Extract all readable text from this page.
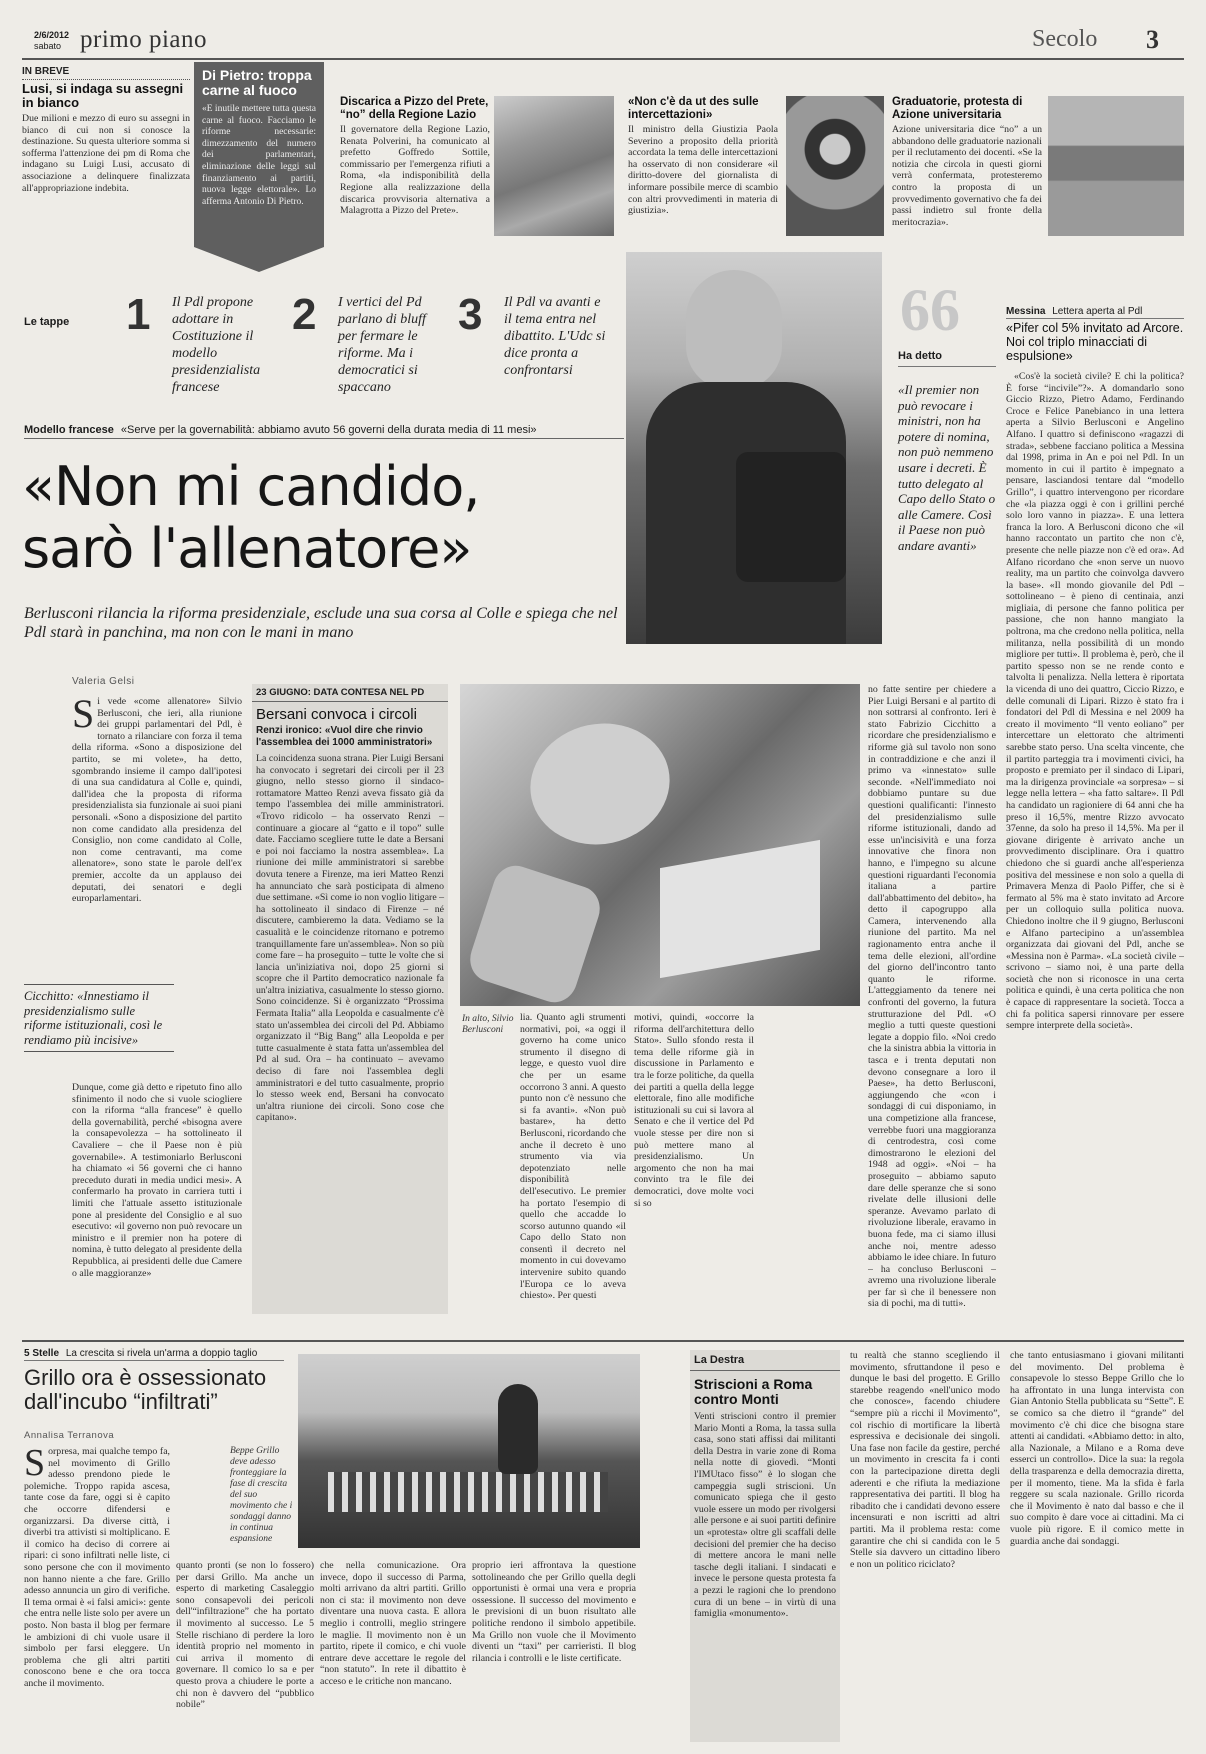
2/6/2012
sabato primo piano	Secolo 3
IN BREVE
Lusi, si indaga su assegni in bianco
Due milioni e mezzo di euro su assegni in bianco di cui non si conosce la destinazione. Su questa ulteriore somma si sofferma l'attenzione dei pm di Roma che indagano su Luigi Lusi, accusato di associazione a delinquere finalizzata all'appropriazione indebita.
Di Pietro: troppa carne al fuoco
«È inutile mettere tutta questa carne al fuoco. Facciamo le riforme necessarie: dimezzamento del numero dei parlamentari, eliminazione delle leggi sul finanziamento ai partiti, nuova legge elettorale». Lo afferma Antonio Di Pietro.
Discarica a Pizzo del Prete, “no” della Regione Lazio
Il governatore della Regione Lazio, Renata Polverini, ha comunicato al prefetto Goffredo Sottile, commissario per l'emergenza rifiuti a Roma, «la indisponibilità della Regione alla realizzazione della discarica provvisoria alternativa a Malagrotta a Pizzo del Prete».
«Non c'è da ut des sulle intercettazioni»
Il ministro della Giustizia Paola Severino a proposito della priorità accordata la tema delle intercettazioni ha osservato di non considerare «il diritto-dovere del giornalista di informare possibile merce di scambio con altri provvedimenti in materia di giustizia».
Graduatorie, protesta di Azione universitaria
Azione universitaria dice “no” a un abbandono delle graduatorie nazionali per il reclutamento dei docenti. «Se la notizia che circola in questi giorni verrà confermata, protesteremo contro la proposta di un provvedimento governativo che fa dei passi indietro sul fronte della meritocrazia».
Le tappe 1 Il Pdl propone adottare in Costituzione il modello presidenzialista francese
2 I vertici del Pd parlano di bluff per fermare le riforme. Ma i democratici si spaccano
3 Il Pdl va avanti e il tema entra nel dibattito. L'Udc si dice pronta a confrontarsi
66
Ha detto
«Il premier non può revocare i ministri, non ha potere di nomina, non può nemmeno usare i decreti. È tutto delegato al Capo dello Stato o alle Camere. Così il Paese non può andare avanti»
Messina Lettera aperta al Pdl
«Pifer col 5% invitato ad Arcore. Noi col triplo minacciati di espulsione»
«Cos'è la società civile? E chi la politica? È forse “incivile”?». A domandarlo sono Giccio Rizzo, Pietro Adamo, Ferdinando Croce e Felice Panebianco in una lettera aperta a Silvio Berlusconi e Angelino Alfano. I quattro si definiscono «ragazzi di strada», sebbene facciano politica a Messina dal 1998, prima in An e poi nel Pdl. In un momento in cui il partito è impegnato a pensare, lasciandosi tentare dal “modello Grillo”, i quattro intervengono per ricordare che «la piazza oggi è con i grillini perché solo loro vanno in piazza». E una lettera franca la loro. A Berlusconi dicono che «il hanno raccontato un partito che non c'è, presente che nelle piazze non c'è ed ora». Ad Alfano ricordano che «non serve un nuovo reality, ma un partito che coinvolga davvero la base». «Il mondo giovanile del Pdl – sottolineano – è pieno di centinaia, anzi migliaia, di persone che fanno politica per passione, che non hanno mangiato la poltrona, ma che credono nella politica, nella militanza, nella possibilità di un mondo migliore per tutti». Il problema è, però, che il partito spesso non se ne rende conto e talvolta li penalizza. Nella lettera è riportata la vicenda di uno dei quattro, Ciccio Rizzo, e delle comunali di Lipari. Rizzo è stato fra i fondatori del Pdl di Messina e nel 2009 ha creato il movimento “Il vento eoliano” per intercettare un elettorato che altrimenti sarebbe stato perso. Una scelta vincente, che il partito parteggia tra i movimenti civici, ha proposto e premiato per il sindaco di Lipari, ma la dirigenza provinciale «a sorpresa» – si legge nella lettera – «ha fatto saltare». Il Pdl ha candidato un ragioniere di 64 anni che ha preso il 16,5%, mentre Rizzo avvocato 37enne, da solo ha preso il 14,5%. Ma per il giovane dirigente è arrivato anche un provvedimento disciplinare. Ora i quattro chiedono che si guardi anche all'esperienza positiva del messinese e non solo a quella di Primavera Menza di Paolo Piffer, che si è fermato al 5% ma è stato invitato ad Arcore per un colloquio sulla politica nuova. Chiedono inoltre che il 9 giugno, Berlusconi e Alfano partecipino a un'assemblea organizzata dai giovani del Pdl, anche se «Messina non è Parma». «La società civile – scrivono – siamo noi, è una parte della società che non si riconosce in una certa politica e quindi, è una certa politica che non è capace di rappresentare la società. Tocca a chi fa politica sapersi rinnovare per essere sempre interprete della società».
Modello francese «Serve per la governabilità: abbiamo avuto 56 governi della durata media di 11 mesi»
«Non mi candido,
sarò l'allenatore»
Berlusconi rilancia la riforma presidenziale, esclude una sua corsa al Colle e spiega che nel Pdl starà in panchina, ma non con le mani in mano
Valeria Gelsi
S i vede «come allenatore» Silvio Berlusconi, che ieri, alla riunione dei gruppi parlamentari del Pdl, è tornato a rilanciare con forza il tema della riforma. «Sono a disposizione del partito, se mi volete», ha detto, sgombrando insieme il campo dall'ipotesi di una sua candidatura al Colle e, quindi, dall'idea che la proposta di riforma presidenzialista sia funzionale ai suoi piani personali. «Sono a disposizione del partito non come candidato alla presidenza del Consiglio, non come candidato al Colle, non come centravanti, ma come allenatore», sono state le parole dell'ex premier, accolte da un applauso dei deputati, dei senatori e degli europarlamentari.
Cicchitto: «Innestiamo il presidenzialismo sulle riforme istituzionali, così le rendiamo più incisive»
Dunque, come già detto e ripetuto fino allo sfinimento il nodo che si vuole sciogliere con la riforma “alla francese” è quello della governabilità, perché «bisogna avere la consapevolezza – ha sottolineato il Cavaliere – che il Paese non è più governabile». A testimoniarlo Berlusconi ha chiamato «i 56 governi che ci hanno preceduto durati in media undici mesi». A confermarlo ha provato in carriera tutti i limiti che l'attuale assetto istituzionale pone al presidente del Consiglio e al suo esecutivo: «il governo non può revocare un ministro e il premier non ha potere di nomina, è tutto delegato al presidente della Repubblica, ai presidenti delle due Camere o alle maggioranze»
23 GIUGNO: DATA CONTESA NEL PD
Bersani convoca i circoli
Renzi ironico: «Vuol dire che rinvio l'assemblea dei 1000 amministratori»
La coincidenza suona strana. Pier Luigi Bersani ha convocato i segretari dei circoli per il 23 giugno, nello stesso giorno il sindaco-rottamatore Matteo Renzi aveva fissato già da tempo l'assemblea dei mille amministratori. «Trovo ridicolo – ha osservato Renzi – continuare a giocare al “gatto e il topo” sulle date. Facciamo scegliere tutte le date a Bersani e poi noi facciamo la nostra assemblea». La riunione dei mille amministratori si sarebbe dovuta tenere a Firenze, ma ieri Matteo Renzi ha annunciato che sarà posticipata di almeno due settimane. «Sì come io non voglio litigare – ha sottolineato il sindaco di Firenze – né discutere, cambieremo la data. Vediamo se la casualità e le coincidenze ritornano e potremo tranquillamente fare un'assemblea». Non so più come fare – ha proseguito – tutte le volte che si lancia un'iniziativa noi, dopo 25 giorni si scopre che il Partito democratico nazionale fa un'altra iniziativa, casualmente lo stesso giorno. Sono coincidenze. Si è organizzato “Prossima Fermata Italia” alla Leopolda e casualmente c'è stato un'assemblea dei circoli del Pd. Abbiamo organizzato il “Big Bang” alla Leopolda e per tutte casualmente è stata fatta un'assemblea del Pd al sud. Ora – ha continuato – avevamo deciso di fare noi l'assemblea degli amministratori e del tutto casualmente, proprio lo stesso week end, Bersani ha convocato un'altra riunione dei circoli. Sono cose che capitano».
In alto, Silvio Berlusconi
lia. Quanto agli strumenti normativi, poi, «a oggi il governo ha come unico strumento il disegno di legge, e questo vuol dire che per un esame occorrono 3 anni. A questo punto non c'è nessuno che si fa avanti». «Non può bastare», ha detto Berlusconi, ricordando che anche il decreto è uno strumento via via depotenziato nelle disponibilità dell'esecutivo. Le premier ha portato l'esempio di quello che accadde lo scorso autunno quando «il Capo dello Stato non consentì il decreto nel momento in cui dovevamo intervenire subito quando l'Europa ce lo aveva chiesto». Per questi
motivi, quindi, «occorre la riforma dell'architettura dello Stato». Sullo sfondo resta il tema delle riforme già in discussione in Parlamento e tra le forze politiche, da quella dei partiti a quella della legge elettorale, fino alle modifiche istituzionali su cui si lavora al Senato e che il vertice del Pd vuole stesse per dire non si può mettere mano al presidenzialismo. Un argomento che non ha mai convinto tra le file dei democratici, dove molte voci si so
no fatte sentire per chiedere a Pier Luigi Bersani e al partito di non sottrarsi al confronto. Ieri è stato Fabrizio Cicchitto a ricordare che presidenzialismo e riforme già sul tavolo non sono in contraddizione e che anzi il primo va «innestato» sulle seconde. «Nell'immediato noi dobbiamo puntare su due questioni qualificanti: l'innesto del presidenzialismo sulle riforme istituzionali, dando ad esse un'incisività e una forza innovative che finora non hanno, e l'impegno su alcune questioni riguardanti l'economia italiana a partire dall'abbattimento del debito», ha detto il capogruppo alla Camera, intervenendo alla riunione del partito. Ma nel ragionamento entra anche il tema delle elezioni, all'ordine del giorno dell'incontro tanto quanto le riforme. L'atteggiamento da tenere nei confronti del governo, la futura strutturazione del Pdl. «O meglio a tutti queste questioni legate a doppio filo. «Noi credo che la sinistra abbia la vittoria in tasca e i trenta deputati non devono consegnare a loro il Paese», ha detto Berlusconi, aggiungendo che «con i sondaggi di cui disponiamo, in una competizione alla francese, verrebbe fuori una maggioranza di centrodestra, così come dimostrarono le elezioni del 1948 ad oggi». «Noi – ha proseguito – abbiamo saputo dare delle speranze che si sono rivelate delle illusioni delle speranze. Avevamo parlato di rivoluzione liberale, eravamo in buona fede, ma ci siamo illusi anche noi, mentre adesso abbiamo le idee chiare. In futuro – ha concluso Berlusconi – avremo una rivoluzione liberale per far sì che il benessere non sia di pochi, ma di tutti».
5 Stelle La crescita si rivela un'arma a doppio taglio
Grillo ora è ossessionato dall'incubo “infiltrati”
Annalisa Terranova
S orpresa, mai qualche tempo fa, nel movimento di Grillo adesso prendono piede le polemiche. Troppo rapida ascesa, tante cose da fare, oggi si è capito che occorre difendersi e organizzarsi. Da diverse città, i diverbi tra attivisti si moltiplicano. E il comico ha deciso di correre ai ripari: ci sono infiltrati nelle liste, ci sono persone che con il movimento non hanno niente a che fare. Grillo adesso annuncia un giro di verifiche. Il tema ormai è «i falsi amici»: gente che entra nelle liste solo per avere un posto. Non basta il blog per fermare le ambizioni di chi vuole usare il simbolo per farsi eleggere. Un problema che gli altri partiti conoscono bene e che ora tocca anche il movimento.
Beppe Grillo deve adesso fronteggiare la fase di crescita del suo movimento che i sondaggi danno in continua espansione
quanto pronti (se non lo fossero) per darsi Grillo. Ma anche un esperto di marketing Casaleggio sono consapevoli dei pericoli dell'“infiltrazione” che ha portato il movimento al successo. Le 5 Stelle rischiano di perdere la loro identità proprio nel momento in cui arriva il momento di governare. Il comico lo sa e per questo prova a chiudere le porte a chi non è davvero del “pubblico nobile”
che nella comunicazione. Ora invece, dopo il successo di Parma, molti arrivano da altri partiti. Grillo non ci sta: il movimento non deve diventare una nuova casta. E allora meglio i controlli, meglio stringere le maglie. Il movimento non è un partito, ripete il comico, e chi vuole entrare deve accettare le regole del “non statuto”. In rete il dibattito è acceso e le critiche non mancano.
proprio ieri affrontava la questione sottolineando che per Grillo quella degli opportunisti è ormai una vera e propria ossessione. Il successo del movimento e le previsioni di un buon risultato alle politiche rendono il simbolo appetibile. Ma Grillo non vuole che il Movimento diventi un “taxi” per carrieristi. Il blog rilancia i controlli e le liste certificate.
La Destra
Striscioni a Roma contro Monti
Venti striscioni contro il premier Mario Monti a Roma, la tassa sulla casa, sono stati affissi dai militanti della Destra in varie zone di Roma nella notte di giovedì. “Monti l'IMUtaco fisso” è lo slogan che campeggia sugli striscioni. Un comunicato spiega che il gesto vuole essere un modo per rivolgersi alle persone e ai suoi partiti definire un «protesta» oltre gli scaffali delle decisioni del premier che ha deciso di mettere ancora le mani nelle tasche degli italiani. I sindacati e invece le persone questa protesta fa a pezzi le ragioni che lo prendono cura di un bene – in virtù di una famiglia «monumento».
tu realtà che stanno scegliendo il movimento, sfruttandone il peso e dunque le basi del progetto. E Grillo starebbe reagendo «nell'unico modo che conosce», facendo chiudere “sempre più a ricchi il Movimento”, col rischio di mortificare la libertà espressiva e decisionale dei singoli. Una fase non facile da gestire, perché un movimento in crescita fa i conti con la partecipazione diretta degli aderenti e che rifiuta la mediazione rappresentativa dei partiti. Il blog ha ribadito che i candidati devono essere incensurati e non iscritti ad altri partiti. Ma il problema resta: come garantire che chi si candida con le 5 Stelle sia davvero un cittadino libero e non un politico riciclato?
che tanto entusiasmano i giovani militanti del movimento. Del problema è consapevole lo stesso Beppe Grillo che lo ha affrontato in una lunga intervista con Gian Antonio Stella pubblicata su “Sette”. E se comico sa che dietro il “grande” del movimento c'è chi dice che bisogna stare attenti ai candidati. «Abbiamo detto: in alto, alla Nazionale, a Milano e a Roma deve esserci un controllo». Dice la sua: la regola della trasparenza e della democrazia diretta, per il momento, tiene. Ma la sfida è farla reggere su scala nazionale. Grillo ricorda che il Movimento è nato dal basso e che il suo compito è dare voce ai cittadini. Ma ci vuole più rigore. E il comico mette in guardia anche dai sondaggi.
